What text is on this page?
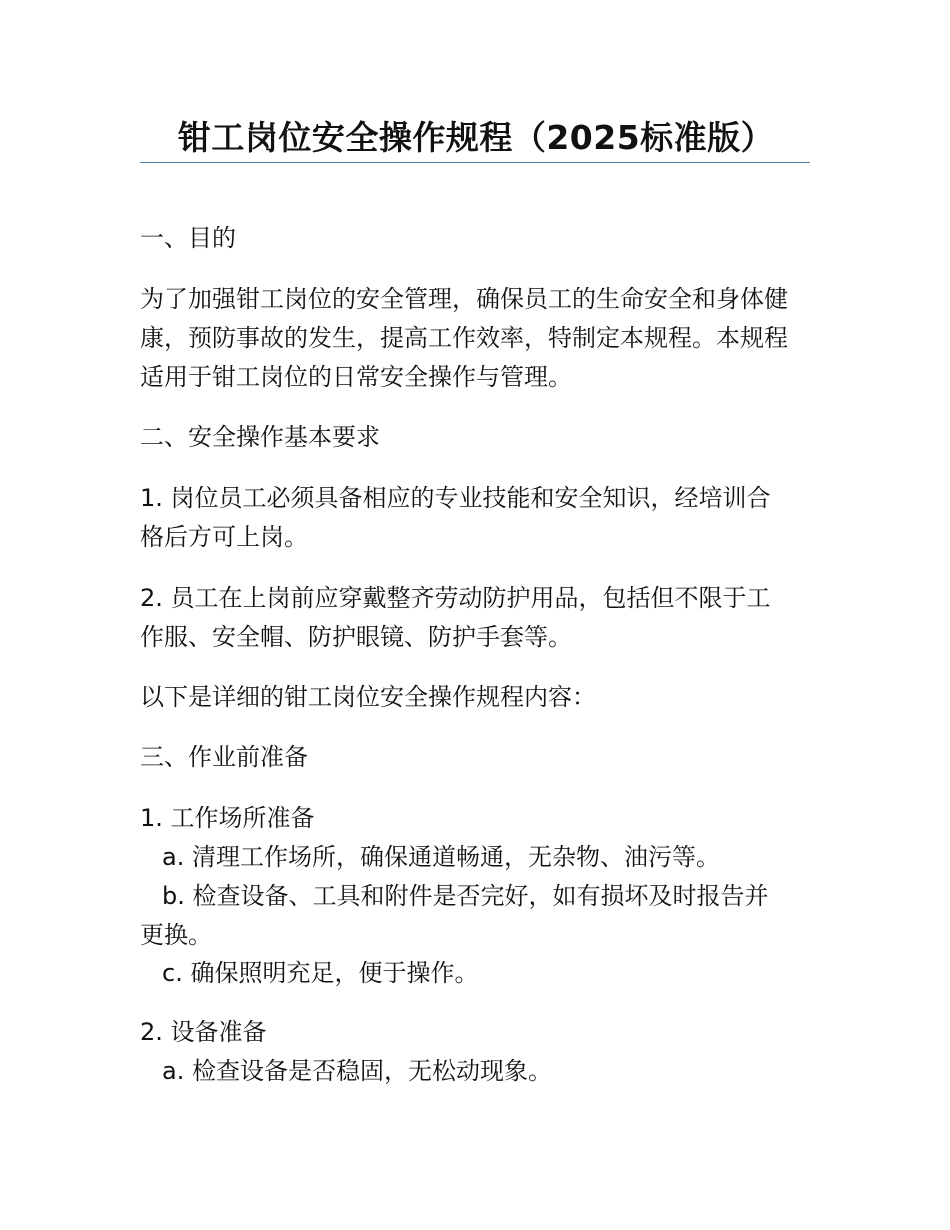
钳工岗位安全操作规程（2025标准版）
一、目的
为了加强钳工岗位的安全管理，确保员工的生命安全和身体健
康，预防事故的发生，提高工作效率，特制定本规程。本规程
适用于钳工岗位的日常安全操作与管理。
二、安全操作基本要求
1. 岗位员工必须具备相应的专业技能和安全知识，经培训合
格后方可上岗。
2. 员工在上岗前应穿戴整齐劳动防护用品，包括但不限于工
作服、安全帽、防护眼镜、防护手套等。
以下是详细的钳工岗位安全操作规程内容：
三、作业前准备
1. 工作场所准备
a. 清理工作场所，确保通道畅通，无杂物、油污等。
b. 检查设备、工具和附件是否完好，如有损坏及时报告并
更换。
c. 确保照明充足，便于操作。
2. 设备准备
a. 检查设备是否稳固，无松动现象。
